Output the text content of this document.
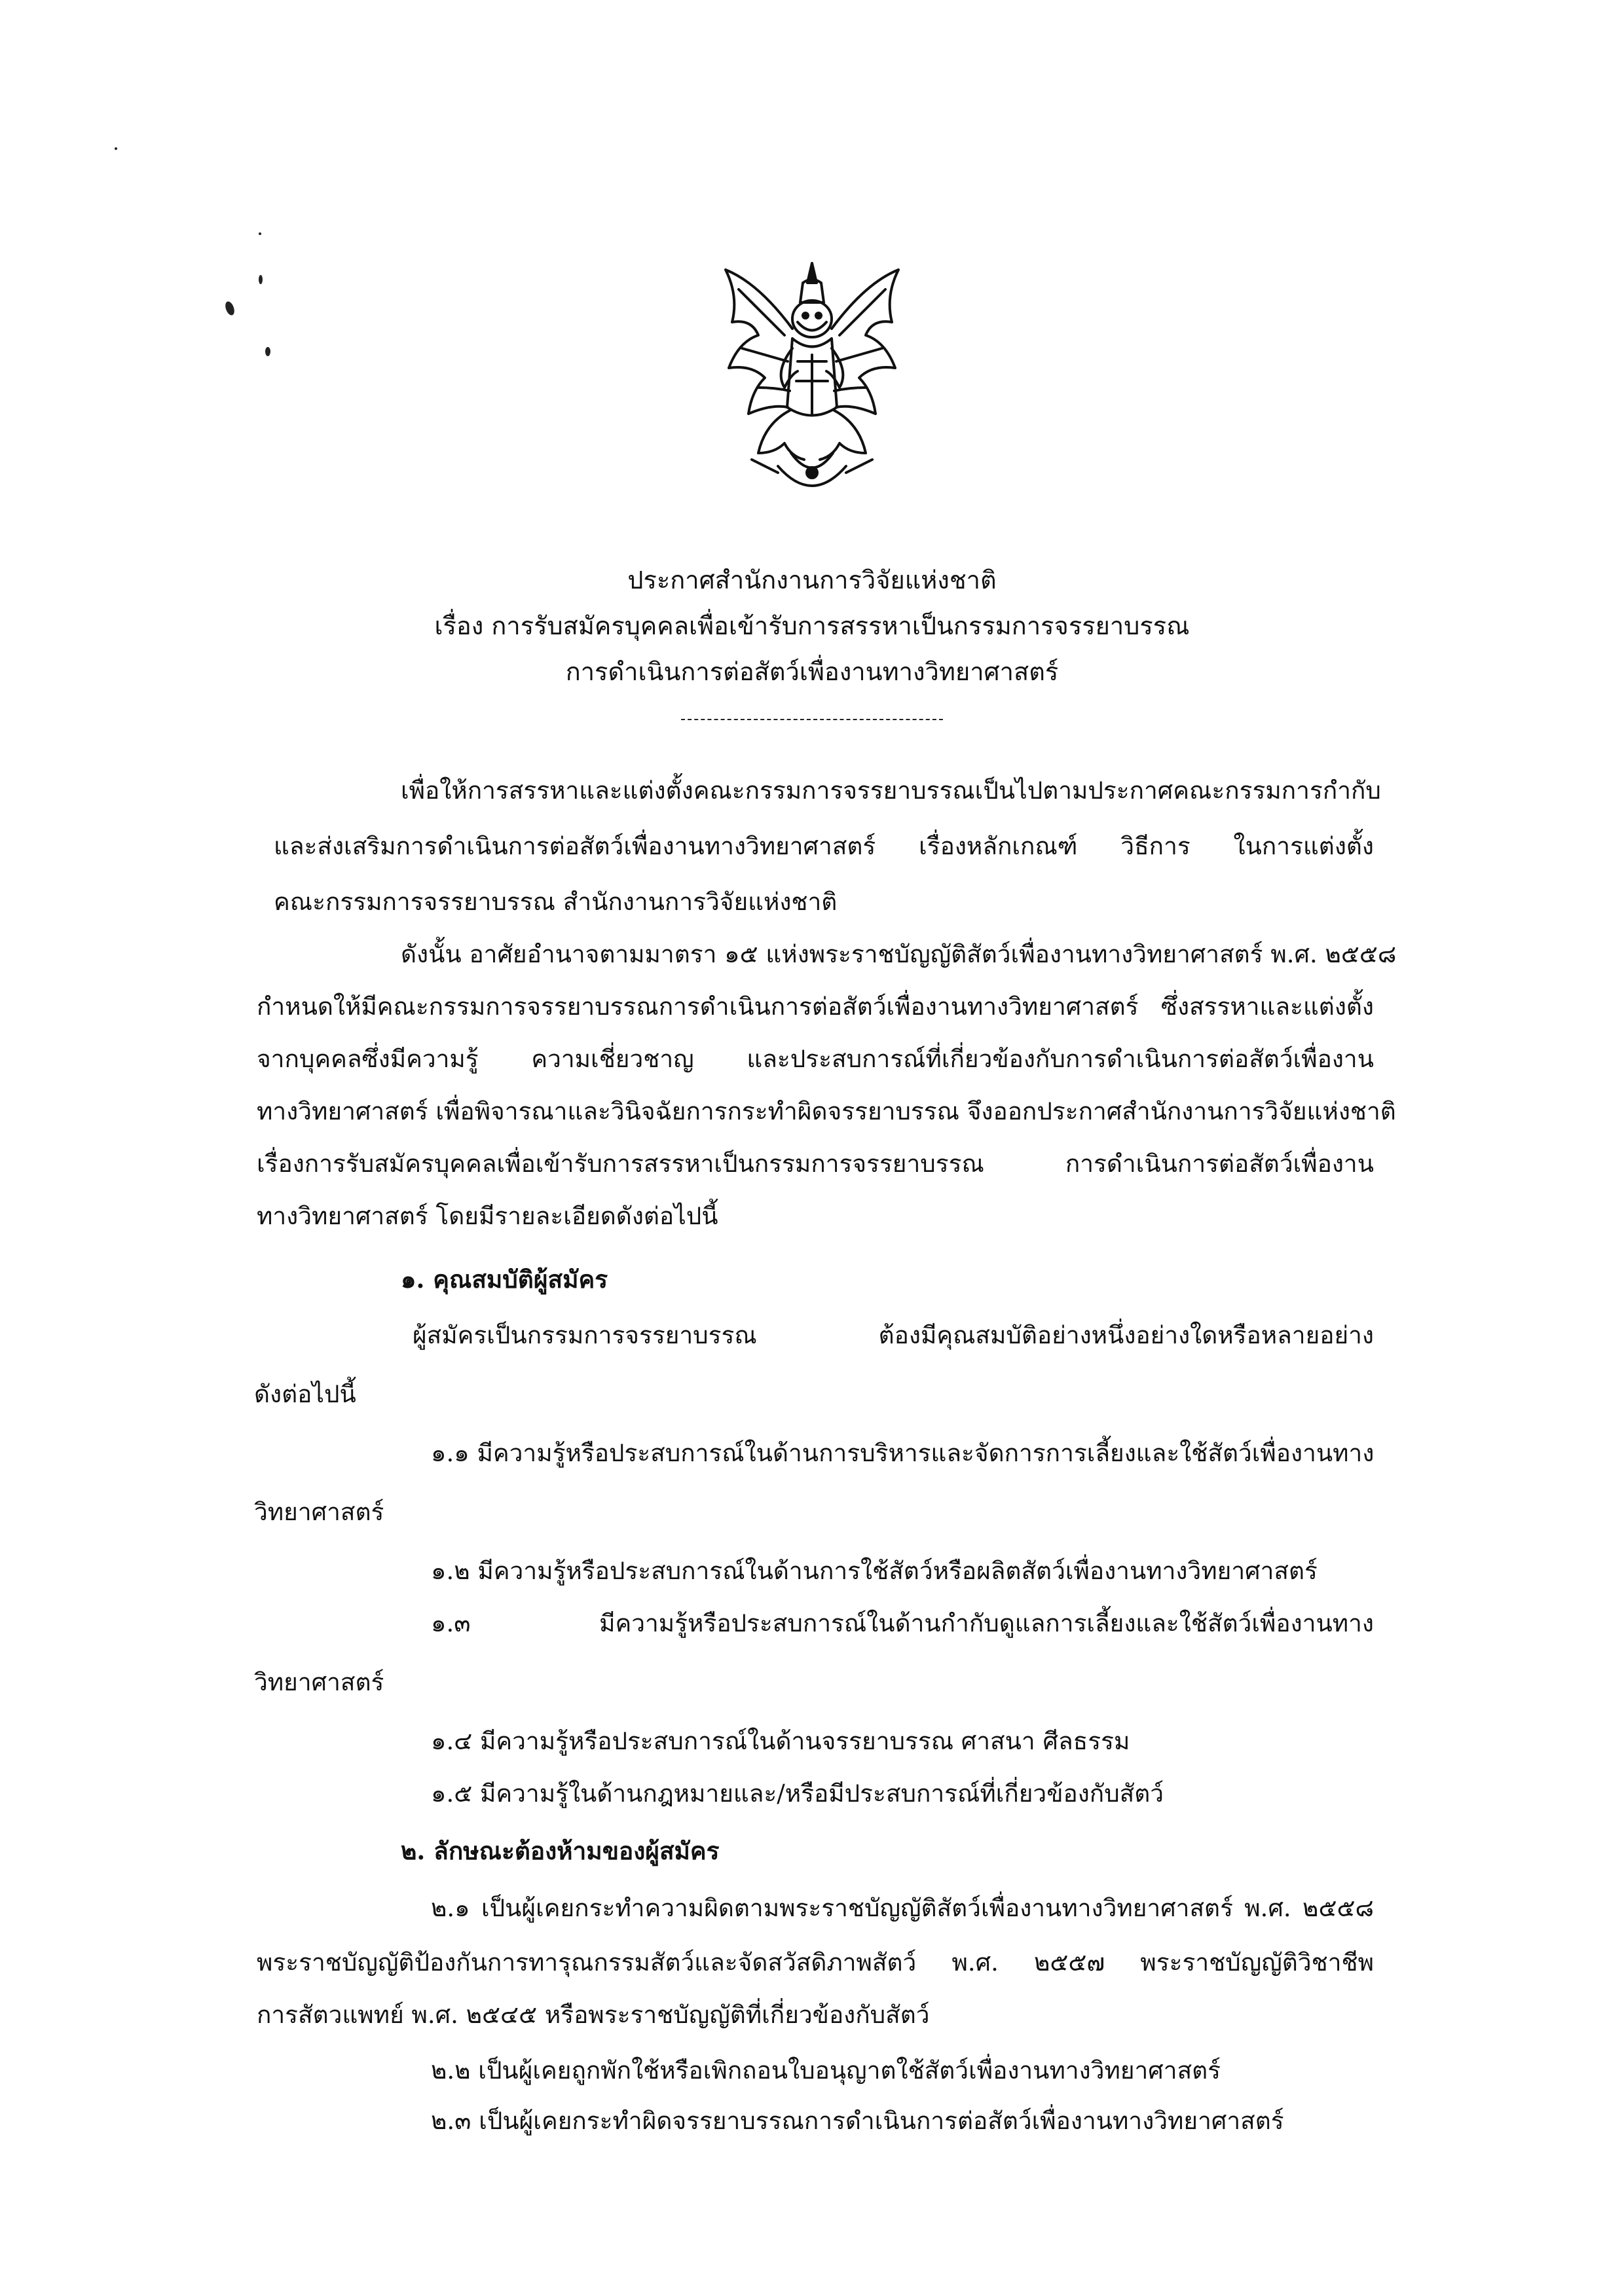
ประกาศสำนักงานการวิจัยแห่งชาติ
เรื่อง การรับสมัครบุคคลเพื่อเข้ารับการสรรหาเป็นกรรมการจรรยาบรรณ
การดำเนินการต่อสัตว์เพื่องานทางวิทยาศาสตร์
เพื่อให้การสรรหาและแต่งตั้งคณะกรรมการจรรยาบรรณเป็นไปตามประกาศคณะกรรมการกำกับ
และส่งเสริมการดำเนินการต่อสัตว์เพื่องานทางวิทยาศาสตร์ เรื่องหลักเกณฑ์ วิธีการ ในการแต่งตั้ง
คณะกรรมการจรรยาบรรณ สำนักงานการวิจัยแห่งชาติ
ดังนั้น อาศัยอำนาจตามมาตรา ๑๕ แห่งพระราชบัญญัติสัตว์เพื่องานทางวิทยาศาสตร์ พ.ศ. ๒๕๕๘
กำหนดให้มีคณะกรรมการจรรยาบรรณการดำเนินการต่อสัตว์เพื่องานทางวิทยาศาสตร์ ซึ่งสรรหาและแต่งตั้ง
จากบุคคลซึ่งมีความรู้ ความเชี่ยวชาญ และประสบการณ์ที่เกี่ยวข้องกับการดำเนินการต่อสัตว์เพื่องาน
ทางวิทยาศาสตร์ เพื่อพิจารณาและวินิจฉัยการกระทำผิดจรรยาบรรณ จึงออกประกาศสำนักงานการวิจัยแห่งชาติ
เรื่องการรับสมัครบุคคลเพื่อเข้ารับการสรรหาเป็นกรรมการจรรยาบรรณ การดำเนินการต่อสัตว์เพื่องาน
ทางวิทยาศาสตร์ โดยมีรายละเอียดดังต่อไปนี้
๑. คุณสมบัติผู้สมัคร
ผู้สมัครเป็นกรรมการจรรยาบรรณ ต้องมีคุณสมบัติอย่างหนึ่งอย่างใดหรือหลายอย่าง
ดังต่อไปนี้
๑.๑ มีความรู้หรือประสบการณ์ในด้านการบริหารและจัดการการเลี้ยงและใช้สัตว์เพื่องานทาง
วิทยาศาสตร์
๑.๒ มีความรู้หรือประสบการณ์ในด้านการใช้สัตว์หรือผลิตสัตว์เพื่องานทางวิทยาศาสตร์
๑.๓ มีความรู้หรือประสบการณ์ในด้านกำกับดูแลการเลี้ยงและใช้สัตว์เพื่องานทาง
วิทยาศาสตร์
๑.๔ มีความรู้หรือประสบการณ์ในด้านจรรยาบรรณ ศาสนา ศีลธรรม
๑.๕ มีความรู้ในด้านกฎหมายและ/หรือมีประสบการณ์ที่เกี่ยวข้องกับสัตว์
๒. ลักษณะต้องห้ามของผู้สมัคร
๒.๑ เป็นผู้เคยกระทำความผิดตามพระราชบัญญัติสัตว์เพื่องานทางวิทยาศาสตร์ พ.ศ. ๒๕๕๘
พระราชบัญญัติป้องกันการทารุณกรรมสัตว์และจัดสวัสดิภาพสัตว์ พ.ศ. ๒๕๕๗ พระราชบัญญัติวิชาชีพ
การสัตวแพทย์ พ.ศ. ๒๕๔๕ หรือพระราชบัญญัติที่เกี่ยวข้องกับสัตว์
๒.๒ เป็นผู้เคยถูกพักใช้หรือเพิกถอนใบอนุญาตใช้สัตว์เพื่องานทางวิทยาศาสตร์
๒.๓ เป็นผู้เคยกระทำผิดจรรยาบรรณการดำเนินการต่อสัตว์เพื่องานทางวิทยาศาสตร์
